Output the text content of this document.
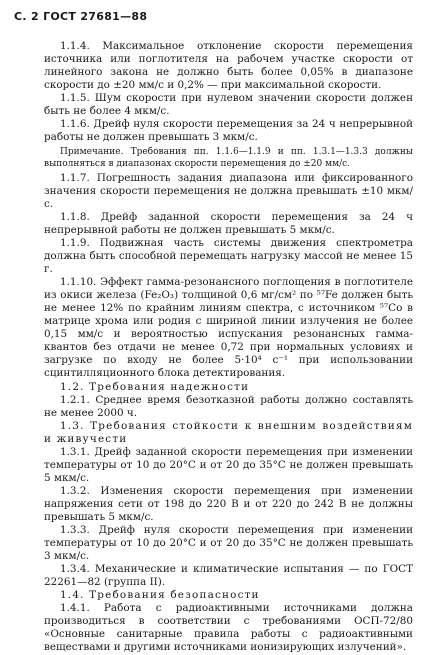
С. 2 ГОСТ 27681—88

1.1.4. Максимальное отклонение скорости перемещения источника или поглотителя на рабочем участке скорости от линейного закона не должно быть более 0,05% в диапазоне скорости до ±20 мм/с и 0,2% — при максимальной скорости.

1.1.5. Шум скорости при нулевом значении скорости должен быть не более 4 мкм/с.

1.1.6. Дрейф нуля скорости перемещения за 24 ч непрерывной работы не должен превышать 3 мкм/с.

Примечание. Требования пп. 1.1.6—1.1.9 и пп. 1.3.1—1.3.3 должны выполняться в диапазонах скорости перемещения до ±20 мм/с.

1.1.7. Погрешность задания диапазона или фиксированного значения скорости перемещения не должна превышать ±10 мкм/с.

1.1.8. Дрейф заданной скорости перемещения за 24 ч непрерывной работы не должен превышать 5 мкм/с.

1.1.9. Подвижная часть системы движения спектрометра должна быть способной перемещать нагрузку массой не менее 15 г.

1.1.10. Эффект гамма-резонансного поглощения в поглотителе из окиси железа (Fe₂O₃) толщиной 0,6 мг/см² по ⁵⁷Fe должен быть не менее 12% по крайним линиям спектра, с источником ⁵⁷Co в матрице хрома или родия с шириной линии излучения не более 0,15 мм/с и вероятностью испускания резонансных гамма-квантов без отдачи не менее 0,72 при нормальных условиях и загрузке по входу не более 5·10⁴ с⁻¹ при использовании сцинтилляционного блока детектирования.

1.2. Требования надежности

1.2.1. Среднее время безотказной работы должно составлять не менее 2000 ч.

1.3. Требования стойкости к внешним воздействиям и живучести

1.3.1. Дрейф заданной скорости перемещения при изменении температуры от 10 до 20°C и от 20 до 35°C не должен превышать 5 мкм/с.

1.3.2. Изменения скорости перемещения при изменении напряжения сети от 198 до 220 В и от 220 до 242 В не должны превышать 5 мкм/с.

1.3.3. Дрейф нуля скорости перемещения при изменении температуры от 10 до 20°C и от 20 до 35°C не должен превышать 3 мкм/с.

1.3.4. Механические и климатические испытания — по ГОСТ 22261—82 (группа II).

1.4. Требования безопасности

1.4.1. Работа с радиоактивными источниками должна производиться в соответствии с требованиями ОСП-72/80 «Основные санитарные правила работы с радиоактивными веществами и другими источниками ионизирующих излучений».
